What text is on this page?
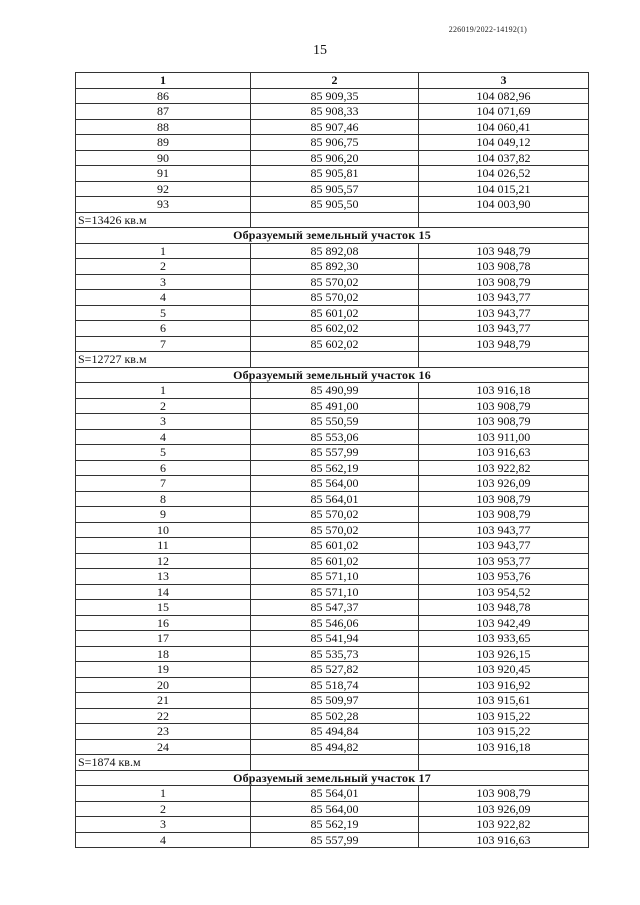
226019/2022-14192(1)
15
1	2	3
86	85 909,35	104 082,96
87	85 908,33	104 071,69
88	85 907,46	104 060,41
89	85 906,75	104 049,12
90	85 906,20	104 037,82
91	85 905,81	104 026,52
92	85 905,57	104 015,21
93	85 905,50	104 003,90
S=13426 кв.м		
Образуемый земельный участок 15		
1	85 892,08	103 948,79
2	85 892,30	103 908,78
3	85 570,02	103 908,79
4	85 570,02	103 943,77
5	85 601,02	103 943,77
6	85 602,02	103 943,77
7	85 602,02	103 948,79
S=12727 кв.м		
Образуемый земельный участок 16		
1	85 490,99	103 916,18
2	85 491,00	103 908,79
3	85 550,59	103 908,79
4	85 553,06	103 911,00
5	85 557,99	103 916,63
6	85 562,19	103 922,82
7	85 564,00	103 926,09
8	85 564,01	103 908,79
9	85 570,02	103 908,79
10	85 570,02	103 943,77
11	85 601,02	103 943,77
12	85 601,02	103 953,77
13	85 571,10	103 953,76
14	85 571,10	103 954,52
15	85 547,37	103 948,78
16	85 546,06	103 942,49
17	85 541,94	103 933,65
18	85 535,73	103 926,15
19	85 527,82	103 920,45
20	85 518,74	103 916,92
21	85 509,97	103 915,61
22	85 502,28	103 915,22
23	85 494,84	103 915,22
24	85 494,82	103 916,18
S=1874 кв.м		
Образуемый земельный участок 17		
1	85 564,01	103 908,79
2	85 564,00	103 926,09
3	85 562,19	103 922,82
4	85 557,99	103 916,63
